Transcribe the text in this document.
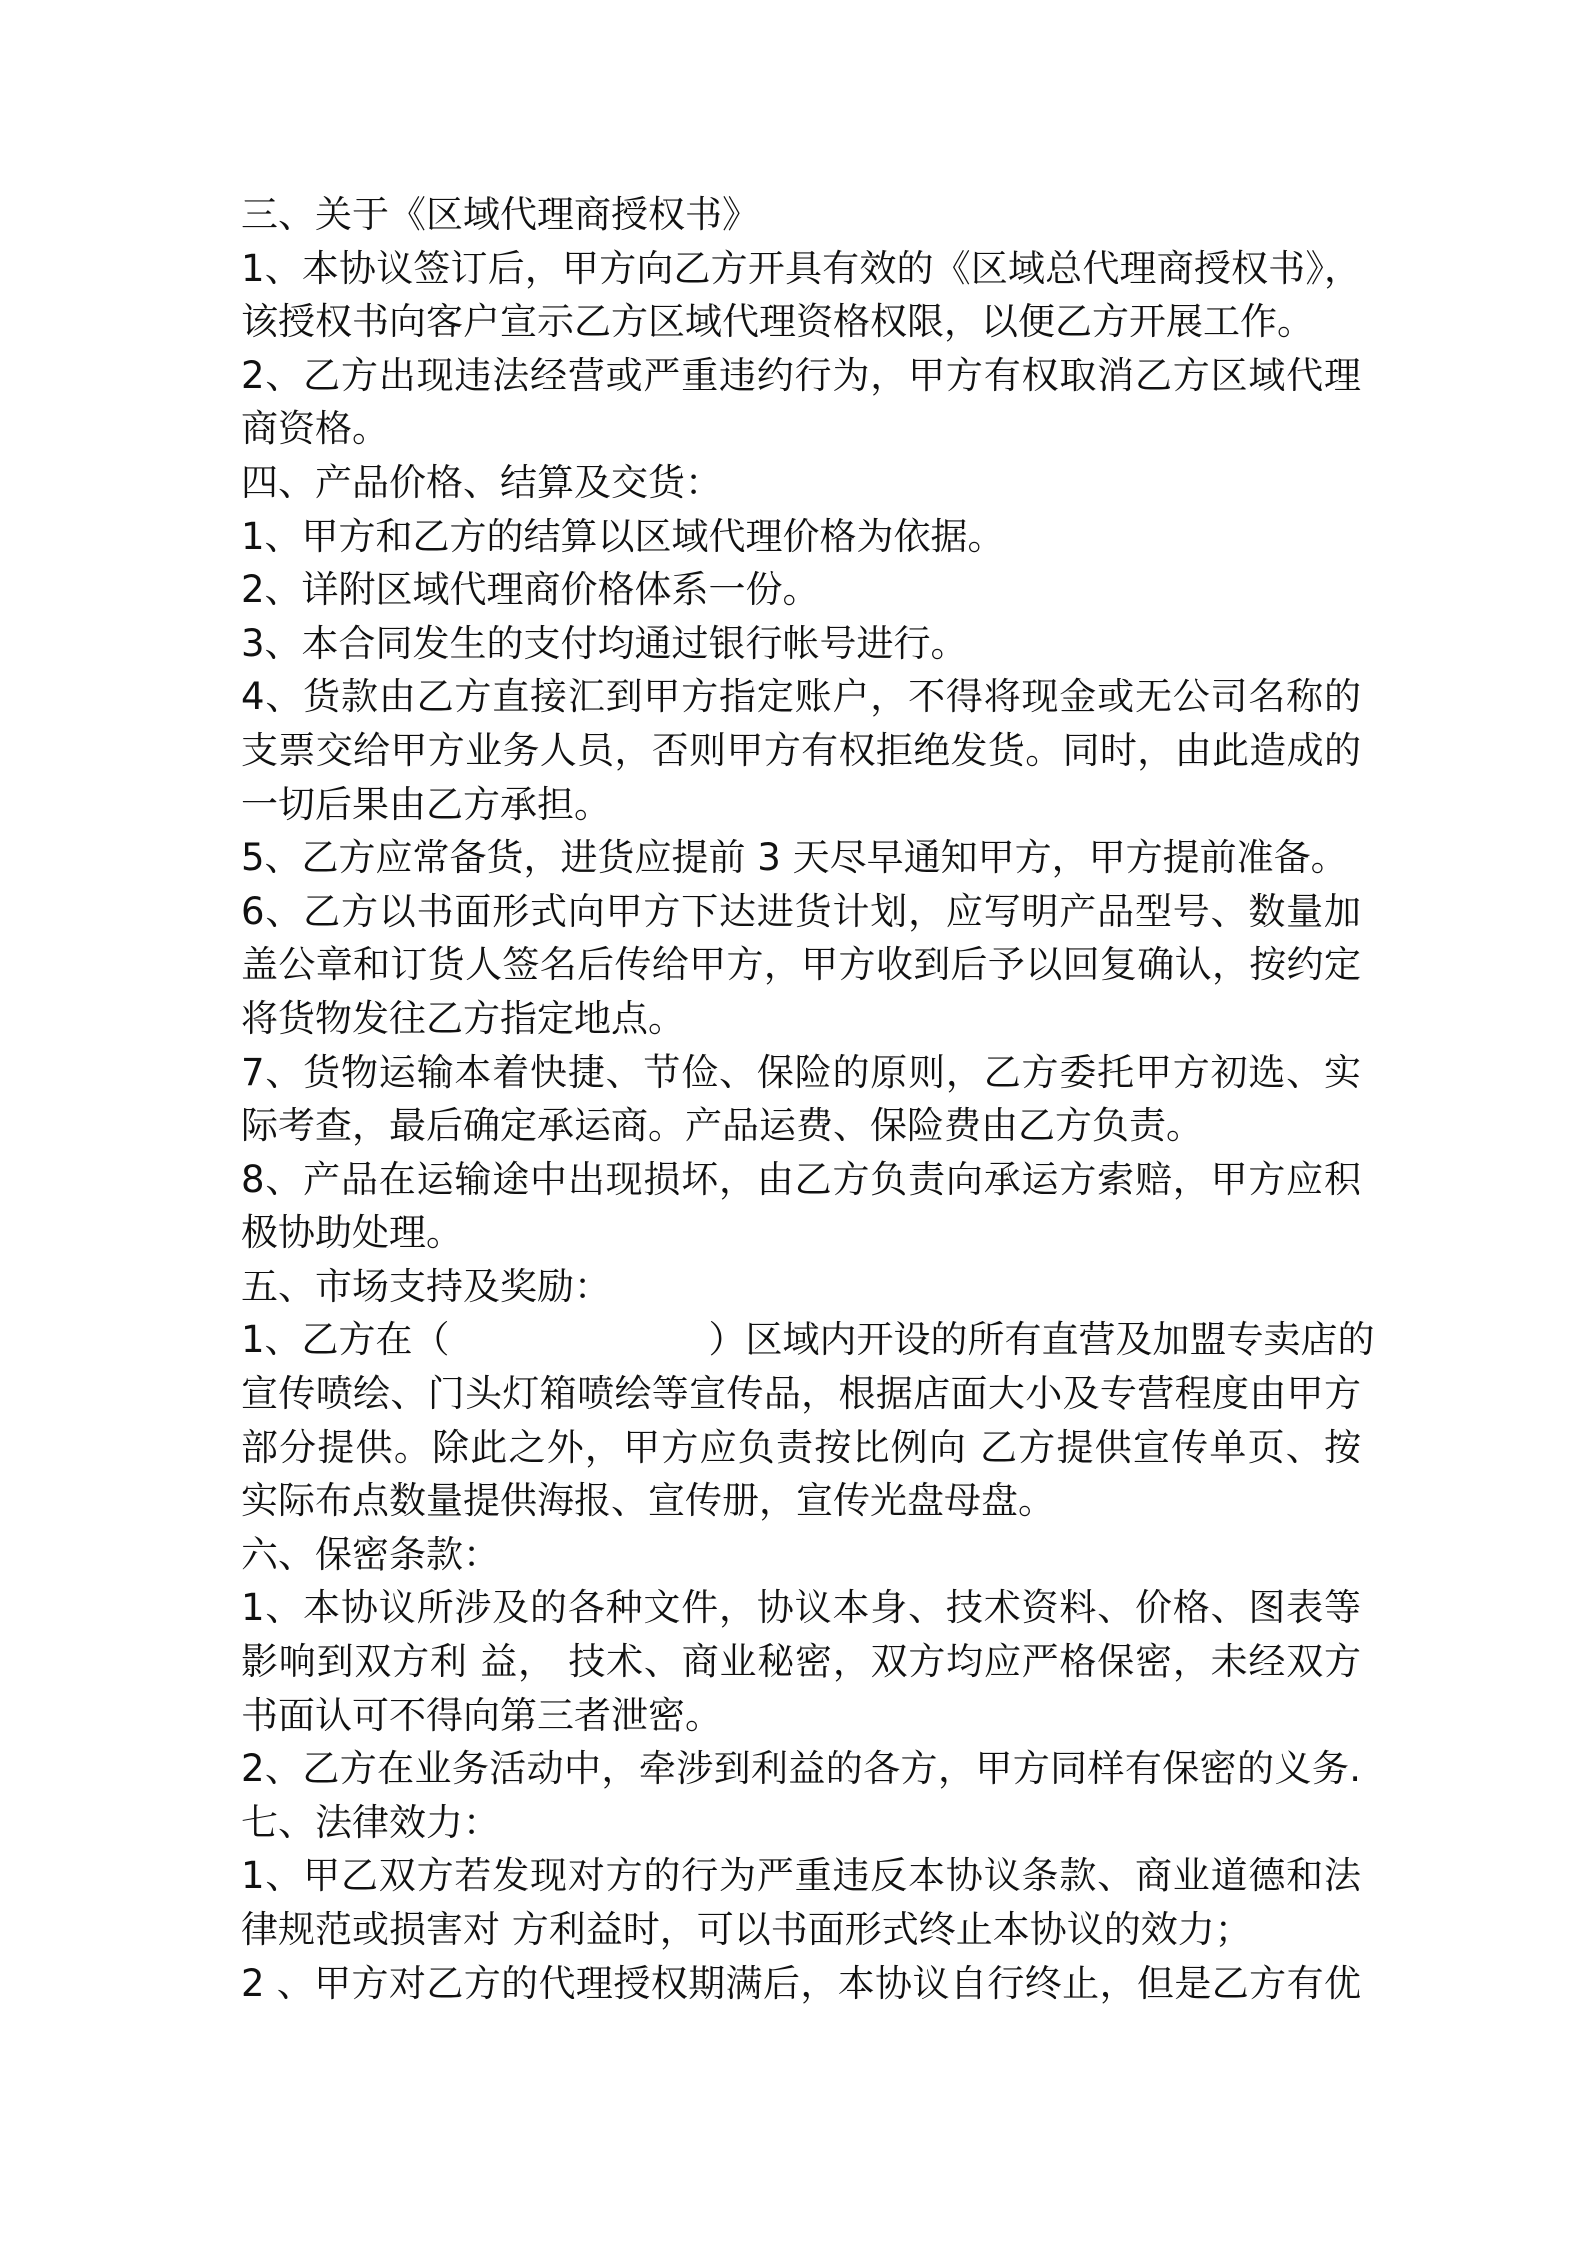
三、关于《区域代理商授权书》
1、本协议签订后，甲方向乙方开具有效的《区域总代理商授权书》，
该授权书向客户宣示乙方区域代理资格权限，以便乙方开展工作。
2、乙方出现违法经营或严重违约行为，甲方有权取消乙方区域代理
商资格。
四、产品价格、结算及交货：
1、甲方和乙方的结算以区域代理价格为依据。
2、详附区域代理商价格体系一份。
3、本合同发生的支付均通过银行帐号进行。
4、货款由乙方直接汇到甲方指定账户，不得将现金或无公司名称的
支票交给甲方业务人员，否则甲方有权拒绝发货。同时，由此造成的
一切后果由乙方承担。
5、乙方应常备货，进货应提前 3 天尽早通知甲方，甲方提前准备。
6、乙方以书面形式向甲方下达进货计划，应写明产品型号、数量加
盖公章和订货人签名后传给甲方，甲方收到后予以回复确认，按约定
将货物发往乙方指定地点。
7、货物运输本着快捷、节俭、保险的原则，乙方委托甲方初选、实
际考查，最后确定承运商。产品运费、保险费由乙方负责。
8、产品在运输途中出现损坏，由乙方负责向承运方索赔，甲方应积
极协助处理。
五、市场支持及奖励：
1、乙方在（　　　　　　　）区域内开设的所有直营及加盟专卖店的
宣传喷绘、门头灯箱喷绘等宣传品，根据店面大小及专营程度由甲方
部分提供。除此之外，甲方应负责按比例向 乙方提供宣传单页、按
实际布点数量提供海报、宣传册，宣传光盘母盘。
六、保密条款：
1、本协议所涉及的各种文件，协议本身、技术资料、价格、图表等
影响到双方利 益， 技术、商业秘密，双方均应严格保密，未经双方
书面认可不得向第三者泄密。
2、乙方在业务活动中，牵涉到利益的各方，甲方同样有保密的义务.
七、法律效力：
1、甲乙双方若发现对方的行为严重违反本协议条款、商业道德和法
律规范或损害对 方利益时，可以书面形式终止本协议的效力；
2 、甲方对乙方的代理授权期满后，本协议自行终止，但是乙方有优
